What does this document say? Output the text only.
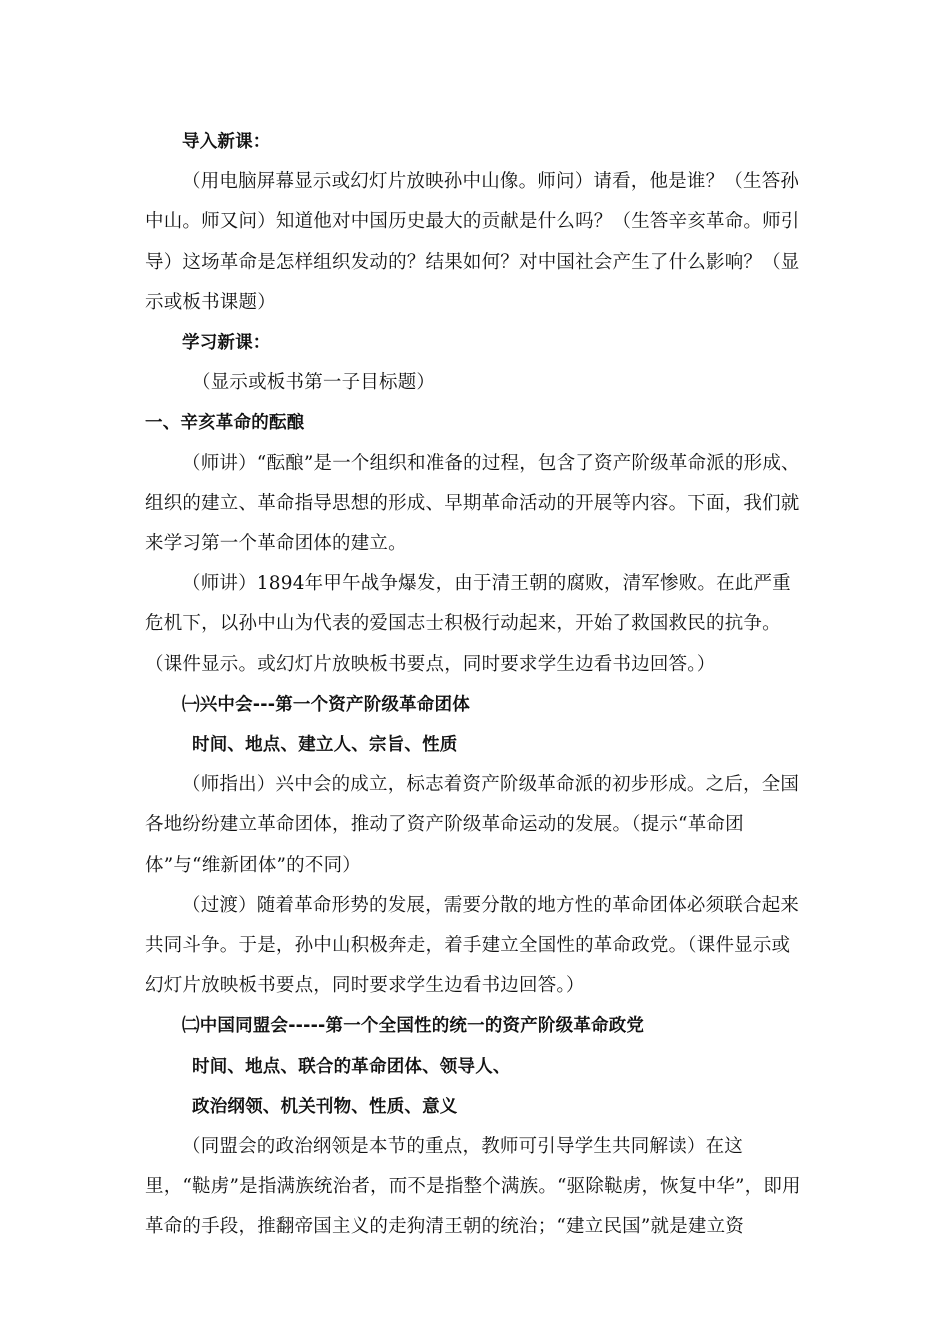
导入新课：

（用电脑屏幕显示或幻灯片放映孙中山像。师问）请看，他是谁？（生答孙中山。师又问）知道他对中国历史最大的贡献是什么吗？（生答辛亥革命。师引导）这场革命是怎样组织发动的？结果如何？对中国社会产生了什么影响？（显示或板书课题）

学习新课：

（显示或板书第一子目标题）

一、辛亥革命的酝酿

（师讲）“酝酿”是一个组织和准备的过程，包含了资产阶级革命派的形成、组织的建立、革命指导思想的形成、早期革命活动的开展等内容。下面，我们就来学习第一个革命团体的建立。

（师讲）1894年甲午战争爆发，由于清王朝的腐败，清军惨败。在此严重危机下，以孙中山为代表的爱国志士积极行动起来，开始了救国救民的抗争。（课件显示。或幻灯片放映板书要点，同时要求学生边看书边回答。）

㈠兴中会---第一个资产阶级革命团体

时间、地点、建立人、宗旨、性质

（师指出）兴中会的成立，标志着资产阶级革命派的初步形成。之后，全国各地纷纷建立革命团体，推动了资产阶级革命运动的发展。（提示“革命团体”与“维新团体”的不同）

（过渡）随着革命形势的发展，需要分散的地方性的革命团体必须联合起来共同斗争。于是，孙中山积极奔走，着手建立全国性的革命政党。（课件显示或幻灯片放映板书要点，同时要求学生边看书边回答。）

㈡中国同盟会-----第一个全国性的统一的资产阶级革命政党

时间、地点、联合的革命团体、领导人、

政治纲领、机关刊物、性质、意义

（同盟会的政治纲领是本节的重点，教师可引导学生共同解读）在这里，“鞑虏”是指满族统治者，而不是指整个满族。“驱除鞑虏，恢复中华”，即用革命的手段，推翻帝国主义的走狗清王朝的统治；“建立民国”就是建立资
